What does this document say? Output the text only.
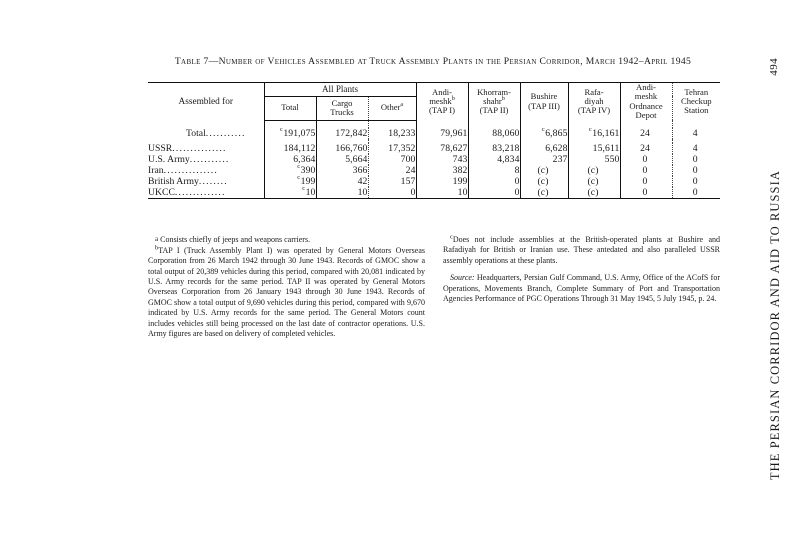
494
THE PERSIAN CORRIDOR AND AID TO RUSSIA
Table 7—Number of Vehicles Assembled at Truck Assembly Plants in the Persian Corridor, March 1942–April 1945
Assembled for	All Plants			Andi-
meshk$^b$
(TAP I)	Khorram-
shahr$^b$
(TAP II)	Bushire
(TAP III)	Rafa-
diyah
(TAP IV)	Andi-
meshk
Ordnance
Depot	Tehran
Checkup
Station
	Total	Cargo
Trucks	Other$^a$

Total...........	$^c$191,075	172,842	18,233	79,961	88,060	$^c$6,865	$^c$16,161	24	4

USSR...............	184,112	166,760	17,352	78,627	83,218	6,628	15,611	24	4
U.S. Army...........	6,364	5,664	700	743	4,834	237	550	0	0
Iran...............	$^c$390	366	24	382	8	(c)	(c)	0	0
British Army........	$^c$199	42	157	199	0	(c)	(c)	0	0
UKCC..............	$^c$10	10	0	10	0	(c)	(c)	0	0

a Consists chiefly of jeeps and weapons carriers.

$^b$TAP I (Truck Assembly Plant I) was operated by General Motors Overseas Corporation from 26 March 1942 through 30 June 1943. Records of GMOC show a total output of 20,389 vehicles during this period, compared with 20,081 indicated by U.S. Army records for the same period. TAP II was operated by General Motors Overseas Corporation from 26 January 1943 through 30 June 1943. Records of GMOC show a total output of 9,690 vehicles during this period, compared with 9,670 indicated by U.S. Army records for the same period. The General Motors count includes vehicles still being processed on the last date of contractor operations. U.S. Army figures are based on delivery of completed vehicles.

$^c$Does not include assemblies at the British-operated plants at Bushire and Rafadiyah for British or Iranian use. These antedated and also paralleled USSR assembly operations at these plants.

Source: Headquarters, Persian Gulf Command, U.S. Army, Office of the ACofS for Operations, Movements Branch, Complete Summary of Port and Transportation Agencies Performance of PGC Operations Through 31 May 1945, 5 July 1945, p. 24.
